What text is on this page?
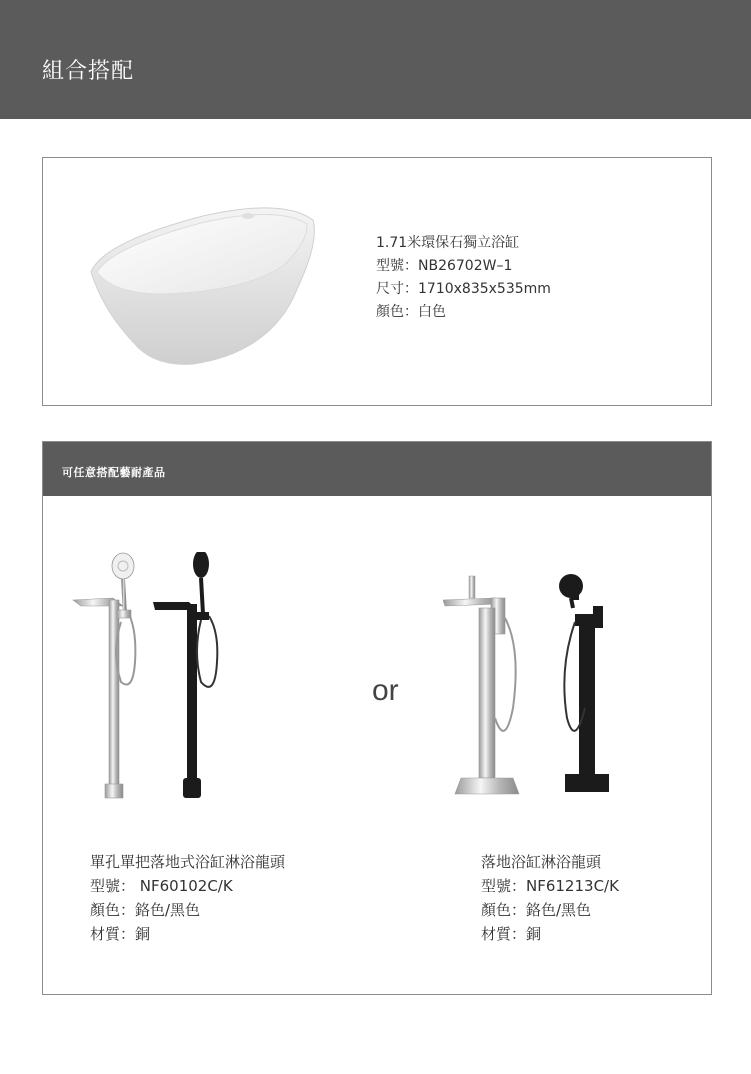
組合搭配
1.71米環保石獨立浴缸
型號：NB26702W–1
尺寸：1710x835x535mm
顏色：白色
可任意搭配藝耐產品
or
單孔單把落地式浴缸淋浴龍頭
型號： NF60102C/K
顏色：鉻色/黑色
材質：銅
落地浴缸淋浴龍頭
型號：NF61213C/K
顏色：鉻色/黑色
材質：銅
